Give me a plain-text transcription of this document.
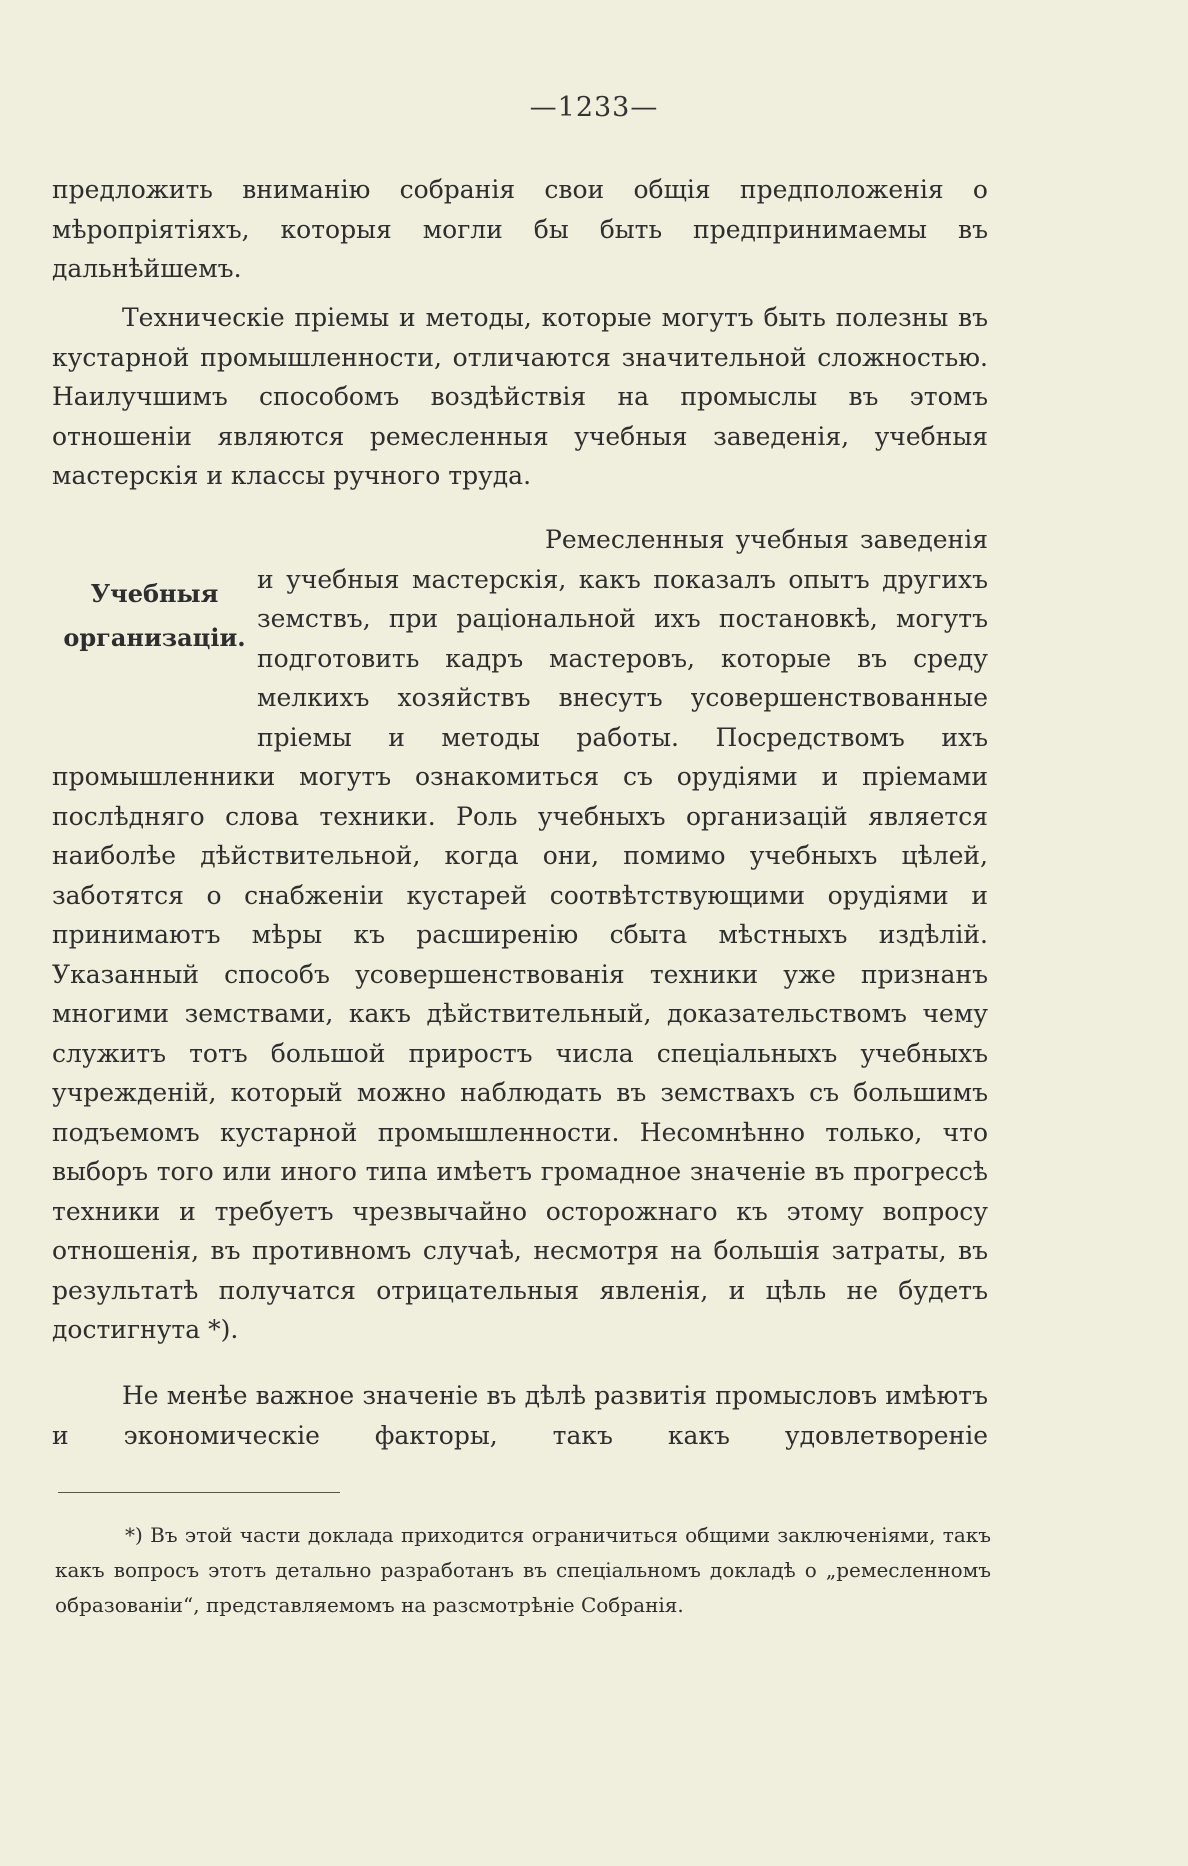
—1233—

предложить вниманію собранія свои общія предположенія о мѣропріятіяхъ, которыя могли бы быть предпринимаемы въ дальнѣйшемъ.

Техническіе пріемы и методы, которые могутъ быть полезны въ кустарной промышленности, отличаются значительной сложностью. Наилучшимъ способомъ воздѣйствія на промыслы въ этомъ отношеніи являются ремесленныя учебныя заведенія, учебныя мастерскія и классы ручного труда.

Учебныя
организаціи.

Ремесленныя учебныя заведенія и учебныя мастерскія, какъ показалъ опытъ другихъ земствъ, при раціональной ихъ постановкѣ, могутъ подготовить кадръ мастеровъ, которые въ среду мелкихъ хозяйствъ внесутъ усовершенствованные пріемы и методы работы. Посредствомъ ихъ промышленники могутъ ознакомиться съ орудіями и пріемами послѣдняго слова техники. Роль учебныхъ организацій является наиболѣе дѣйствительной, когда они, помимо учебныхъ цѣлей, заботятся о снабженіи кустарей соотвѣтствующими орудіями и принимаютъ мѣры къ расширенію сбыта мѣстныхъ издѣлій. Указанный способъ усовершенствованія техники уже признанъ многими земствами, какъ дѣйствительный, доказательствомъ чему служитъ тотъ большой приростъ числа спеціальныхъ учебныхъ учрежденій, который можно наблюдать въ земствахъ съ большимъ подъемомъ кустарной промышленности. Несомнѣнно только, что выборъ того или иного типа имѣетъ громадное значеніе въ прогрессѣ техники и требуетъ чрезвычайно осторожнаго къ этому вопросу отношенія, въ противномъ случаѣ, несмотря на большія затраты, въ результатѣ получатся отрицательныя явленія, и цѣль не будетъ достигнута *).

Не менѣе важное значеніе въ дѣлѣ развитія промысловъ имѣютъ и экономическіе факторы, такъ какъ удовлетвореніе

*) Въ этой части доклада приходится ограничиться общими заключеніями, такъ какъ вопросъ этотъ детально разработанъ въ спеціальномъ докладѣ о „ремесленномъ образованіи“, представляемомъ на разсмотрѣніе Собранія.
